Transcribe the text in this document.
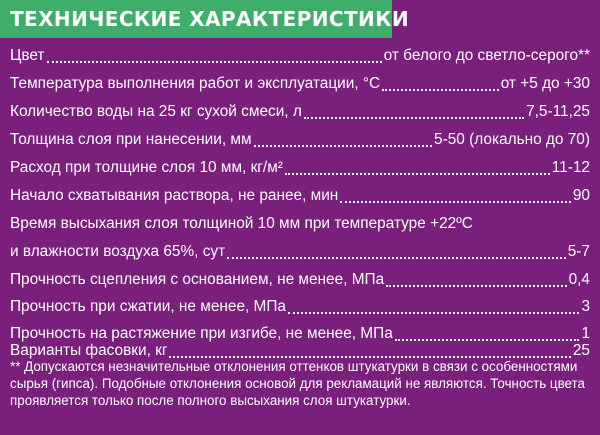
ТЕХНИЧЕСКИЕ ХАРАКТЕРИСТИКИ
Цвет	от белого до светло-серого**
Температура выполнения работ и эксплуатации, °C	от +5 до +30
Количество воды на 25 кг сухой смеси, л	7,5-11,25
Толщина слоя при нанесении, мм	5-50 (локально до 70)
Расход при толщине слоя 10 мм, кг/м²	11-12
Начало схватывания раствора, не ранее, мин	90
Время высыхания слоя толщиной 10 мм при температуре +22ºC
и влажности воздуха 65%, сут	5-7
Прочность сцепления с основанием, не менее, МПа	0,4
Прочность при сжатии, не менее, МПа	3
Прочность на растяжение при изгибе, не менее, МПа	1
Варианты фасовки, кг	25
** Допускаются незначительные отклонения оттенков штукатурки в связи с особенностями сырья (гипса). Подобные отклонения основой для рекламаций не являются. Точность цвета проявляется только после полного высыхания слоя штукатурки.
